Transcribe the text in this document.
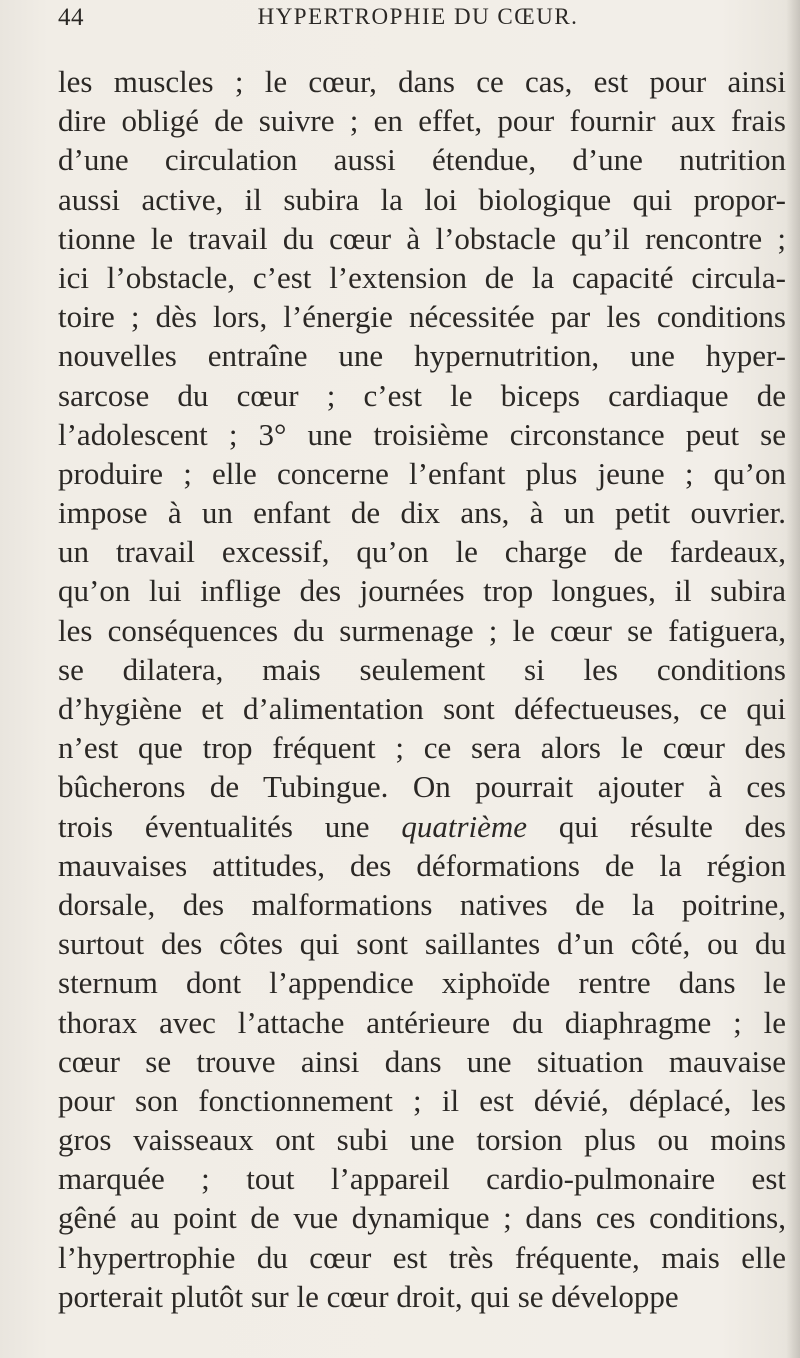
44	HYPERTROPHIE DU CŒUR.
les muscles ; le cœur, dans ce cas, est pour ainsi
dire obligé de suivre ; en effet, pour fournir aux frais
d’une circulation aussi étendue, d’une nutrition
aussi active, il subira la loi biologique qui propor-
tionne le travail du cœur à l’obstacle qu’il rencontre ;
ici l’obstacle, c’est l’extension de la capacité circula-
toire ; dès lors, l’énergie nécessitée par les conditions
nouvelles entraîne une hypernutrition, une hyper-
sarcose du cœur ; c’est le biceps cardiaque de
l’adolescent ; 3° une troisième circonstance peut se
produire ; elle concerne l’enfant plus jeune ; qu’on
impose à un enfant de dix ans, à un petit ouvrier.
un travail excessif, qu’on le charge de fardeaux,
qu’on lui inflige des journées trop longues, il subira
les conséquences du surmenage ; le cœur se fatiguera,
se dilatera, mais seulement si les conditions
d’hygiène et d’alimentation sont défectueuses, ce qui
n’est que trop fréquent ; ce sera alors le cœur des
bûcherons de Tubingue. On pourrait ajouter à ces
trois éventualités une quatrième qui résulte des
mauvaises attitudes, des déformations de la région
dorsale, des malformations natives de la poitrine,
surtout des côtes qui sont saillantes d’un côté, ou du
sternum dont l’appendice xiphoïde rentre dans le
thorax avec l’attache antérieure du diaphragme ; le
cœur se trouve ainsi dans une situation mauvaise
pour son fonctionnement ; il est dévié, déplacé, les
gros vaisseaux ont subi une torsion plus ou moins
marquée ; tout l’appareil cardio-pulmonaire est
gêné au point de vue dynamique ; dans ces conditions,
l’hypertrophie du cœur est très fréquente, mais elle
porterait plutôt sur le cœur droit, qui se développe
